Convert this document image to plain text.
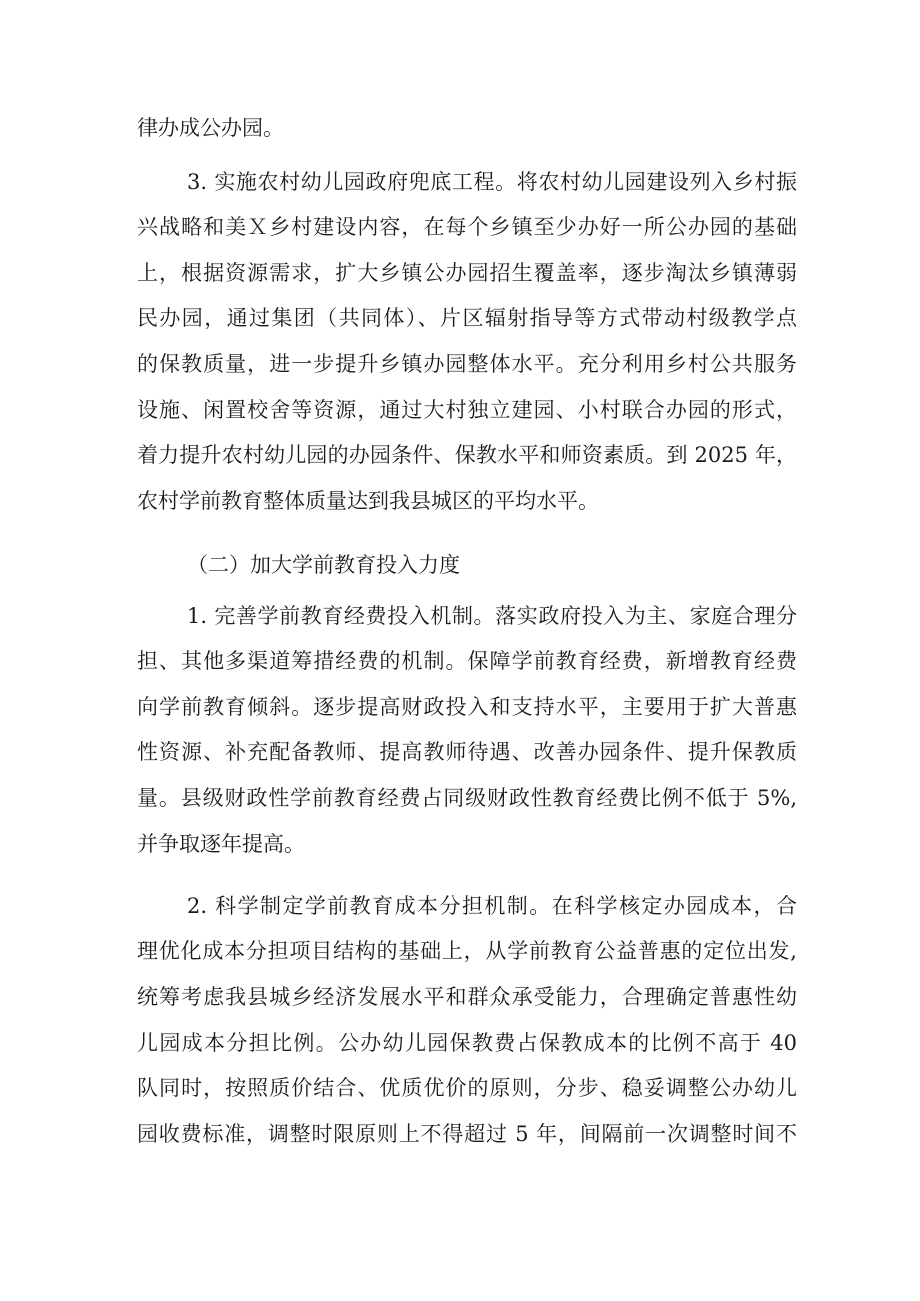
律办成公办园。
3. 实施农村幼儿园政府兜底工程。将农村幼儿园建设列入乡村振
兴战略和美Ｘ乡村建设内容，在每个乡镇至少办好一所公办园的基础
上，根据资源需求，扩大乡镇公办园招生覆盖率，逐步淘汰乡镇薄弱
民办园，通过集团（共同体）、片区辐射指导等方式带动村级教学点
的保教质量，进一步提升乡镇办园整体水平。充分利用乡村公共服务
设施、闲置校舍等资源，通过大村独立建园、小村联合办园的形式，
着力提升农村幼儿园的办园条件、保教水平和师资素质。到 2025 年，
农村学前教育整体质量达到我县城区的平均水平。
（二）加大学前教育投入力度
1. 完善学前教育经费投入机制。落实政府投入为主、家庭合理分
担、其他多渠道筹措经费的机制。保障学前教育经费，新增教育经费
向学前教育倾斜。逐步提高财政投入和支持水平，主要用于扩大普惠
性资源、补充配备教师、提高教师待遇、改善办园条件、提升保教质
量。县级财政性学前教育经费占同级财政性教育经费比例不低于 5%,
并争取逐年提高。
2. 科学制定学前教育成本分担机制。在科学核定办园成本，合
理优化成本分担项目结构的基础上，从学前教育公益普惠的定位出发,
统筹考虑我县城乡经济发展水平和群众承受能力，合理确定普惠性幼
儿园成本分担比例。公办幼儿园保教费占保教成本的比例不高于 40
队同时，按照质价结合、优质优价的原则，分步、稳妥调整公办幼儿
园收费标准，调整时限原则上不得超过 5 年，间隔前一次调整时间不
